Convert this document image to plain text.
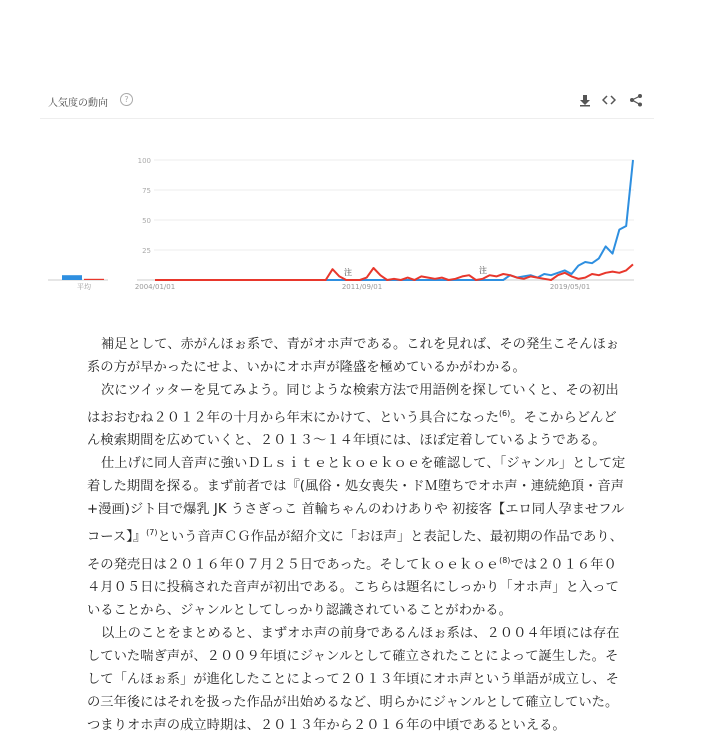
人気度の動向	?
100
75
50
25
2004/01/01	2011/09/01	2019/05/01
注	注
平均
補足として、赤がんほぉ系で、青がオホ声である。これを見れば、その発生こそんほぉ
系の方が早かったにせよ、いかにオホ声が隆盛を極めているかがわかる。
次にツイッターを見てみよう。同じような検索方法で用語例を探していくと、その初出
はおおむね２０１２年の十月から年末にかけて、という具合になった$^{(6)}$。そこからどんど
ん検索期間を広めていくと、２０１３～１４年頃には、ほぼ定着しているようである。
仕上げに同人音声に強いＤＬｓｉｔｅとｋｏｅｋｏｅを確認して、「ジャンル」として定
着した期間を探る。まず前者では『(風俗・処女喪失・ドＭ堕ちでオホ声・連続絶頂・音声
+漫画)ジト目で爆乳 JK うさぎっこ 首輪ちゃんのわけありや 初接客【エロ同人孕ませフル
コース】』$^{(7)}$という音声ＣＧ作品が紹介文に「おほ声」と表記した、最初期の作品であり、
その発売日は２０１６年０７月２５日であった。そしてｋｏｅｋｏｅ$^{(8)}$では２０１６年０
４月０５日に投稿された音声が初出である。こちらは題名にしっかり「オホ声」と入って
いることから、ジャンルとしてしっかり認識されていることがわかる。
以上のことをまとめると、まずオホ声の前身であるんほぉ系は、２００４年頃には存在
していた喘ぎ声が、２００９年頃にジャンルとして確立されたことによって誕生した。そ
して「んほぉ系」が進化したことによって２０１３年頃にオホ声という単語が成立し、そ
の三年後にはそれを扱った作品が出始めるなど、明らかにジャンルとして確立していた。
つまりオホ声の成立時期は、２０１３年から２０１６年の中頃であるといえる。
